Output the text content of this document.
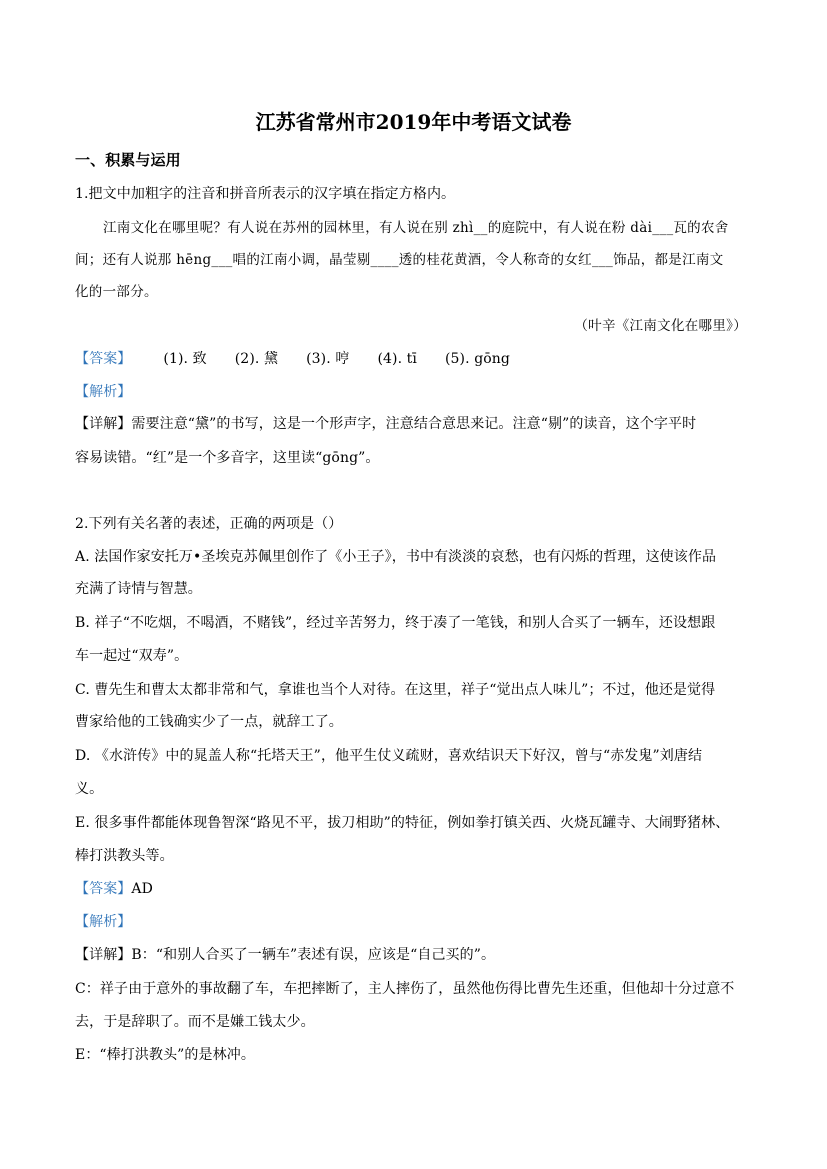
江苏省常州市2019年中考语文试卷
一、积累与运用
1.把文中加粗字的注音和拼音所表示的汉字填在指定方格内。
江南文化在哪里呢？有人说在苏州的园林里，有人说在别 zhì__的庭院中，有人说在粉 dài___瓦的农舍
间；还有人说那 hēng___唱的江南小调，晶莹剔____透的桂花黄酒，令人称奇的女红___饰品，都是江南文
化的一部分。
（叶辛《江南文化在哪里》）
【答案】 (1). 致 (2). 黛 (3). 哼 (4). tī (5). gōng
【解析】
【详解】需要注意“黛”的书写，这是一个形声字，注意结合意思来记。注意“剔”的读音，这个字平时
容易读错。“红”是一个多音字，这里读“gōng”。
2.下列有关名著的表述，正确的两项是（）
A. 法国作家安托万•圣埃克苏佩里创作了《小王子》，书中有淡淡的哀愁，也有闪烁的哲理，这使该作品
充满了诗情与智慧。
B. 祥子“不吃烟，不喝酒，不赌钱”，经过辛苦努力，终于凑了一笔钱，和别人合买了一辆车，还设想跟
车一起过“双寿”。
C. 曹先生和曹太太都非常和气，拿谁也当个人对待。在这里，祥子“觉出点人味儿”；不过，他还是觉得
曹家给他的工钱确实少了一点，就辞工了。
D. 《水浒传》中的晁盖人称“托塔天王”，他平生仗义疏财，喜欢结识天下好汉，曾与“赤发鬼”刘唐结
义。
E. 很多事件都能体现鲁智深“路见不平，拔刀相助”的特征，例如拳打镇关西、火烧瓦罐寺、大闹野猪林、
棒打洪教头等。
【答案】AD
【解析】
【详解】B：“和别人合买了一辆车”表述有误，应该是“自己买的”。
C：祥子由于意外的事故翻了车，车把摔断了，主人摔伤了，虽然他伤得比曹先生还重，但他却十分过意不
去，于是辞职了。而不是嫌工钱太少。
E：“棒打洪教头”的是林冲。
